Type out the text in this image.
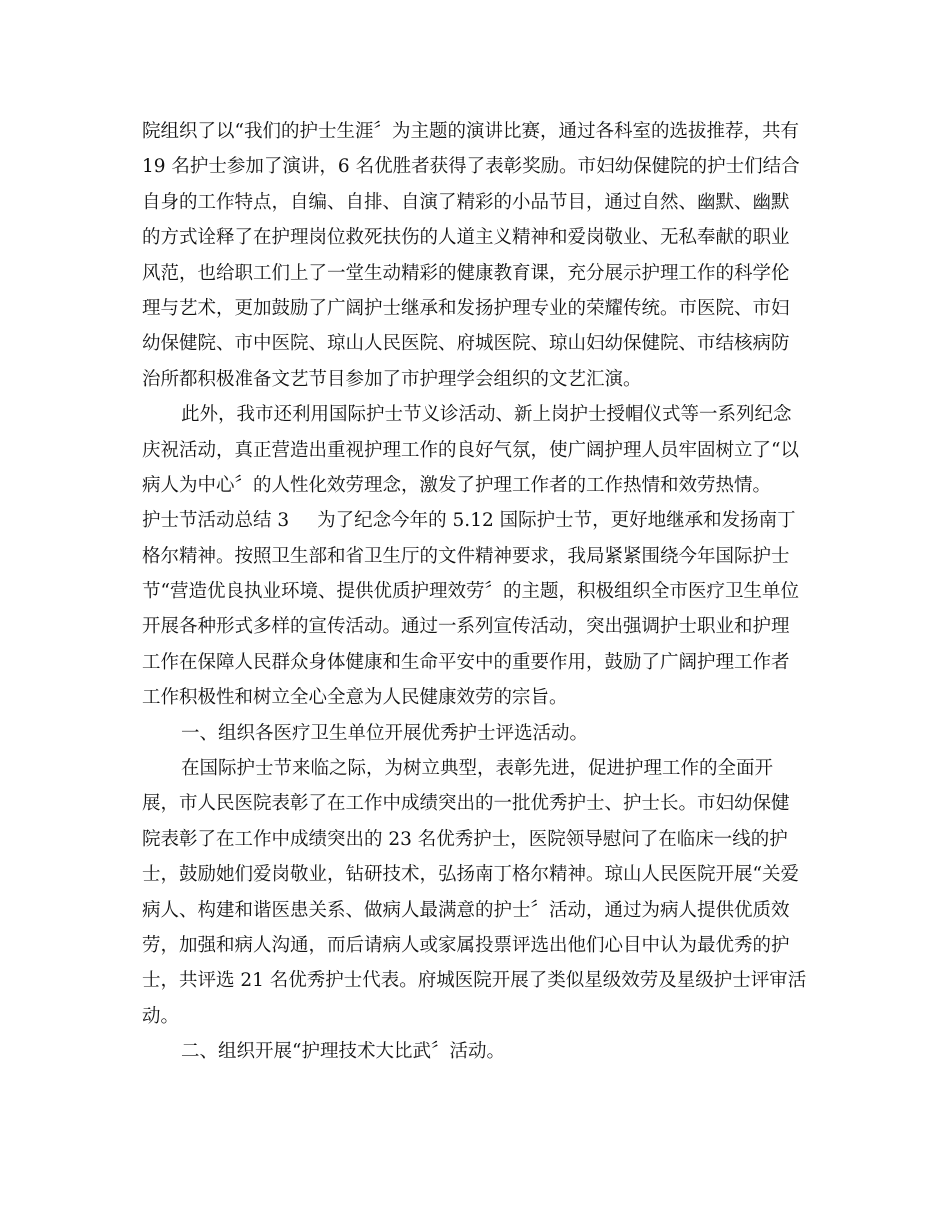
院组织了以“我们的护士生涯〞为主题的演讲比赛，通过各科室的选拔推荐，共有
19 名护士参加了演讲，6 名优胜者获得了表彰奖励。市妇幼保健院的护士们结合
自身的工作特点，自编、自排、自演了精彩的小品节目，通过自然、幽默、幽默
的方式诠释了在护理岗位救死扶伤的人道主义精神和爱岗敬业、无私奉献的职业
风范，也给职工们上了一堂生动精彩的健康教育课，充分展示护理工作的科学伦
理与艺术，更加鼓励了广阔护士继承和发扬护理专业的荣耀传统。市医院、市妇
幼保健院、市中医院、琼山人民医院、府城医院、琼山妇幼保健院、市结核病防
治所都积极准备文艺节目参加了市护理学会组织的文艺汇演。
此外，我市还利用国际护士节义诊活动、新上岗护士授帽仪式等一系列纪念
庆祝活动，真正营造出重视护理工作的良好气氛，使广阔护理人员牢固树立了“以
病人为中心〞的人性化效劳理念，激发了护理工作者的工作热情和效劳热情。
护士节活动总结 3 为了纪念今年的 5.12 国际护士节，更好地继承和发扬南丁
格尔精神。按照卫生部和省卫生厅的文件精神要求，我局紧紧围绕今年国际护士
节“营造优良执业环境、提供优质护理效劳〞的主题，积极组织全市医疗卫生单位
开展各种形式多样的宣传活动。通过一系列宣传活动，突出强调护士职业和护理
工作在保障人民群众身体健康和生命平安中的重要作用，鼓励了广阔护理工作者
工作积极性和树立全心全意为人民健康效劳的宗旨。
一、组织各医疗卫生单位开展优秀护士评选活动。
在国际护士节来临之际，为树立典型，表彰先进，促进护理工作的全面开
展，市人民医院表彰了在工作中成绩突出的一批优秀护士、护士长。市妇幼保健
院表彰了在工作中成绩突出的 23 名优秀护士，医院领导慰问了在临床一线的护
士，鼓励她们爱岗敬业，钻研技术，弘扬南丁格尔精神。琼山人民医院开展“关爱
病人、构建和谐医患关系、做病人最满意的护士〞活动，通过为病人提供优质效
劳，加强和病人沟通，而后请病人或家属投票评选出他们心目中认为最优秀的护
士，共评选 21 名优秀护士代表。府城医院开展了类似星级效劳及星级护士评审活
动。
二、组织开展“护理技术大比武〞活动。
